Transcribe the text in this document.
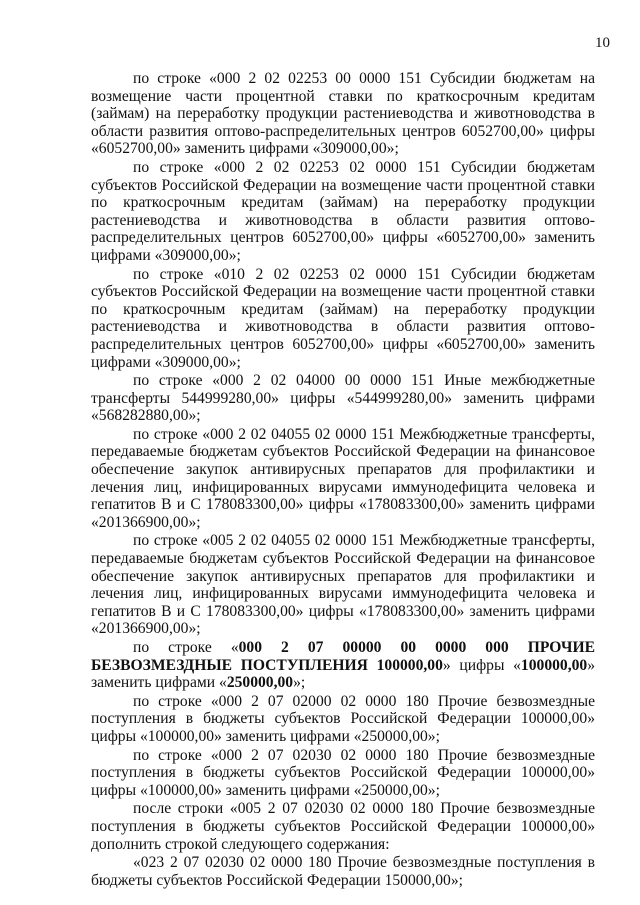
10

по строке «000 2 02 02253 00 0000 151 Субсидии бюджетам на возмещение части процентной ставки по краткосрочным кредитам (займам) на переработку продукции растениеводства и животноводства в области развития оптово-распределительных центров 6052700,00» цифры «6052700,00» заменить цифрами «309000,00»;

по строке «000 2 02 02253 02 0000 151 Субсидии бюджетам субъектов Российской Федерации на возмещение части процентной ставки по краткосрочным кредитам (займам) на переработку продукции растениеводства и животноводства в области развития оптово-распределительных центров 6052700,00» цифры «6052700,00» заменить цифрами «309000,00»;

по строке «010 2 02 02253 02 0000 151 Субсидии бюджетам субъектов Российской Федерации на возмещение части процентной ставки по краткосрочным кредитам (займам) на переработку продукции растениеводства и животноводства в области развития оптово-распределительных центров 6052700,00» цифры «6052700,00» заменить цифрами «309000,00»;

по строке «000 2 02 04000 00 0000 151 Иные межбюджетные трансферты 544999280,00» цифры «544999280,00» заменить цифрами «568282880,00»;

по строке «000 2 02 04055 02 0000 151 Межбюджетные трансферты, передаваемые бюджетам субъектов Российской Федерации на финансовое обеспечение закупок антивирусных препаратов для профилактики и лечения лиц, инфицированных вирусами иммунодефицита человека и гепатитов В и С 178083300,00» цифры «178083300,00» заменить цифрами «201366900,00»;

по строке «005 2 02 04055 02 0000 151 Межбюджетные трансферты, передаваемые бюджетам субъектов Российской Федерации на финансовое обеспечение закупок антивирусных препаратов для профилактики и лечения лиц, инфицированных вирусами иммунодефицита человека и гепатитов В и С 178083300,00» цифры «178083300,00» заменить цифрами «201366900,00»;

по строке «000 2 07 00000 00 0000 000 ПРОЧИЕ БЕЗВОЗМЕЗДНЫЕ ПОСТУПЛЕНИЯ 100000,00» цифры «100000,00» заменить цифрами «250000,00»;

по строке «000 2 07 02000 02 0000 180 Прочие безвозмездные поступления в бюджеты субъектов Российской Федерации 100000,00» цифры «100000,00» заменить цифрами «250000,00»;

по строке «000 2 07 02030 02 0000 180 Прочие безвозмездные поступления в бюджеты субъектов Российской Федерации 100000,00» цифры «100000,00» заменить цифрами «250000,00»;

после строки «005 2 07 02030 02 0000 180 Прочие безвозмездные поступления в бюджеты субъектов Российской Федерации 100000,00» дополнить строкой следующего содержания:

«023 2 07 02030 02 0000 180 Прочие безвозмездные поступления в бюджеты субъектов Российской Федерации 150000,00»;
